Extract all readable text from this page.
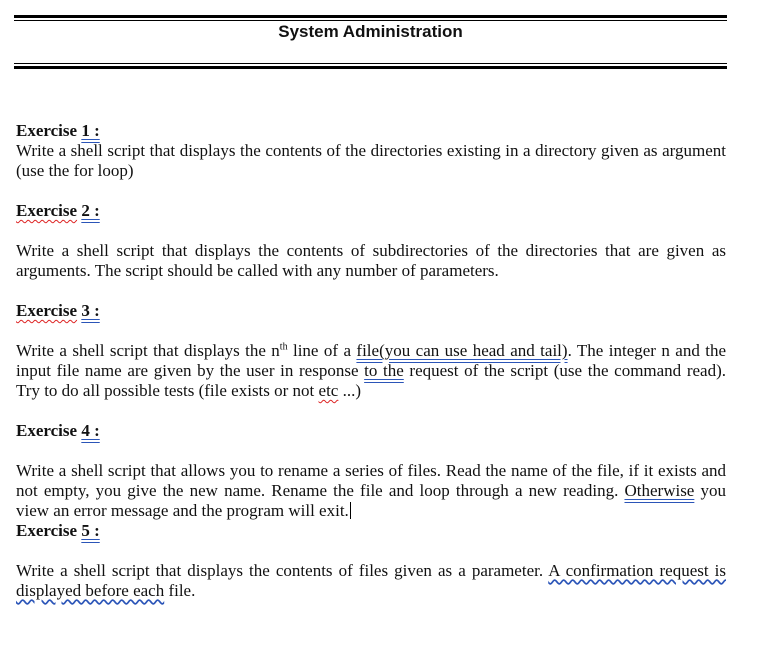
System Administration

Exercise 1 :

Write a shell script that displays the contents of the directories existing in a directory given as argument (use the for loop)

Exercise 2 :

Write a shell script that displays the contents of subdirectories of the directories that are given as arguments. The script should be called with any number of parameters.

Exercise 3 :

Write a shell script that displays the $n^{th}$ line of a file(you can use head and tail). The integer n and the input file name are given by the user in response to the request of the script (use the command read). Try to do all possible tests (file exists or not etc ...)

Exercise 4 :

Write a shell script that allows you to rename a series of files. Read the name of the file, if it exists and not empty, you give the new name. Rename the file and loop through a new reading. Otherwise you view an error message and the program will exit.

Exercise 5 :

Write a shell script that displays the contents of files given as a parameter. A confirmation request is displayed before each file.
